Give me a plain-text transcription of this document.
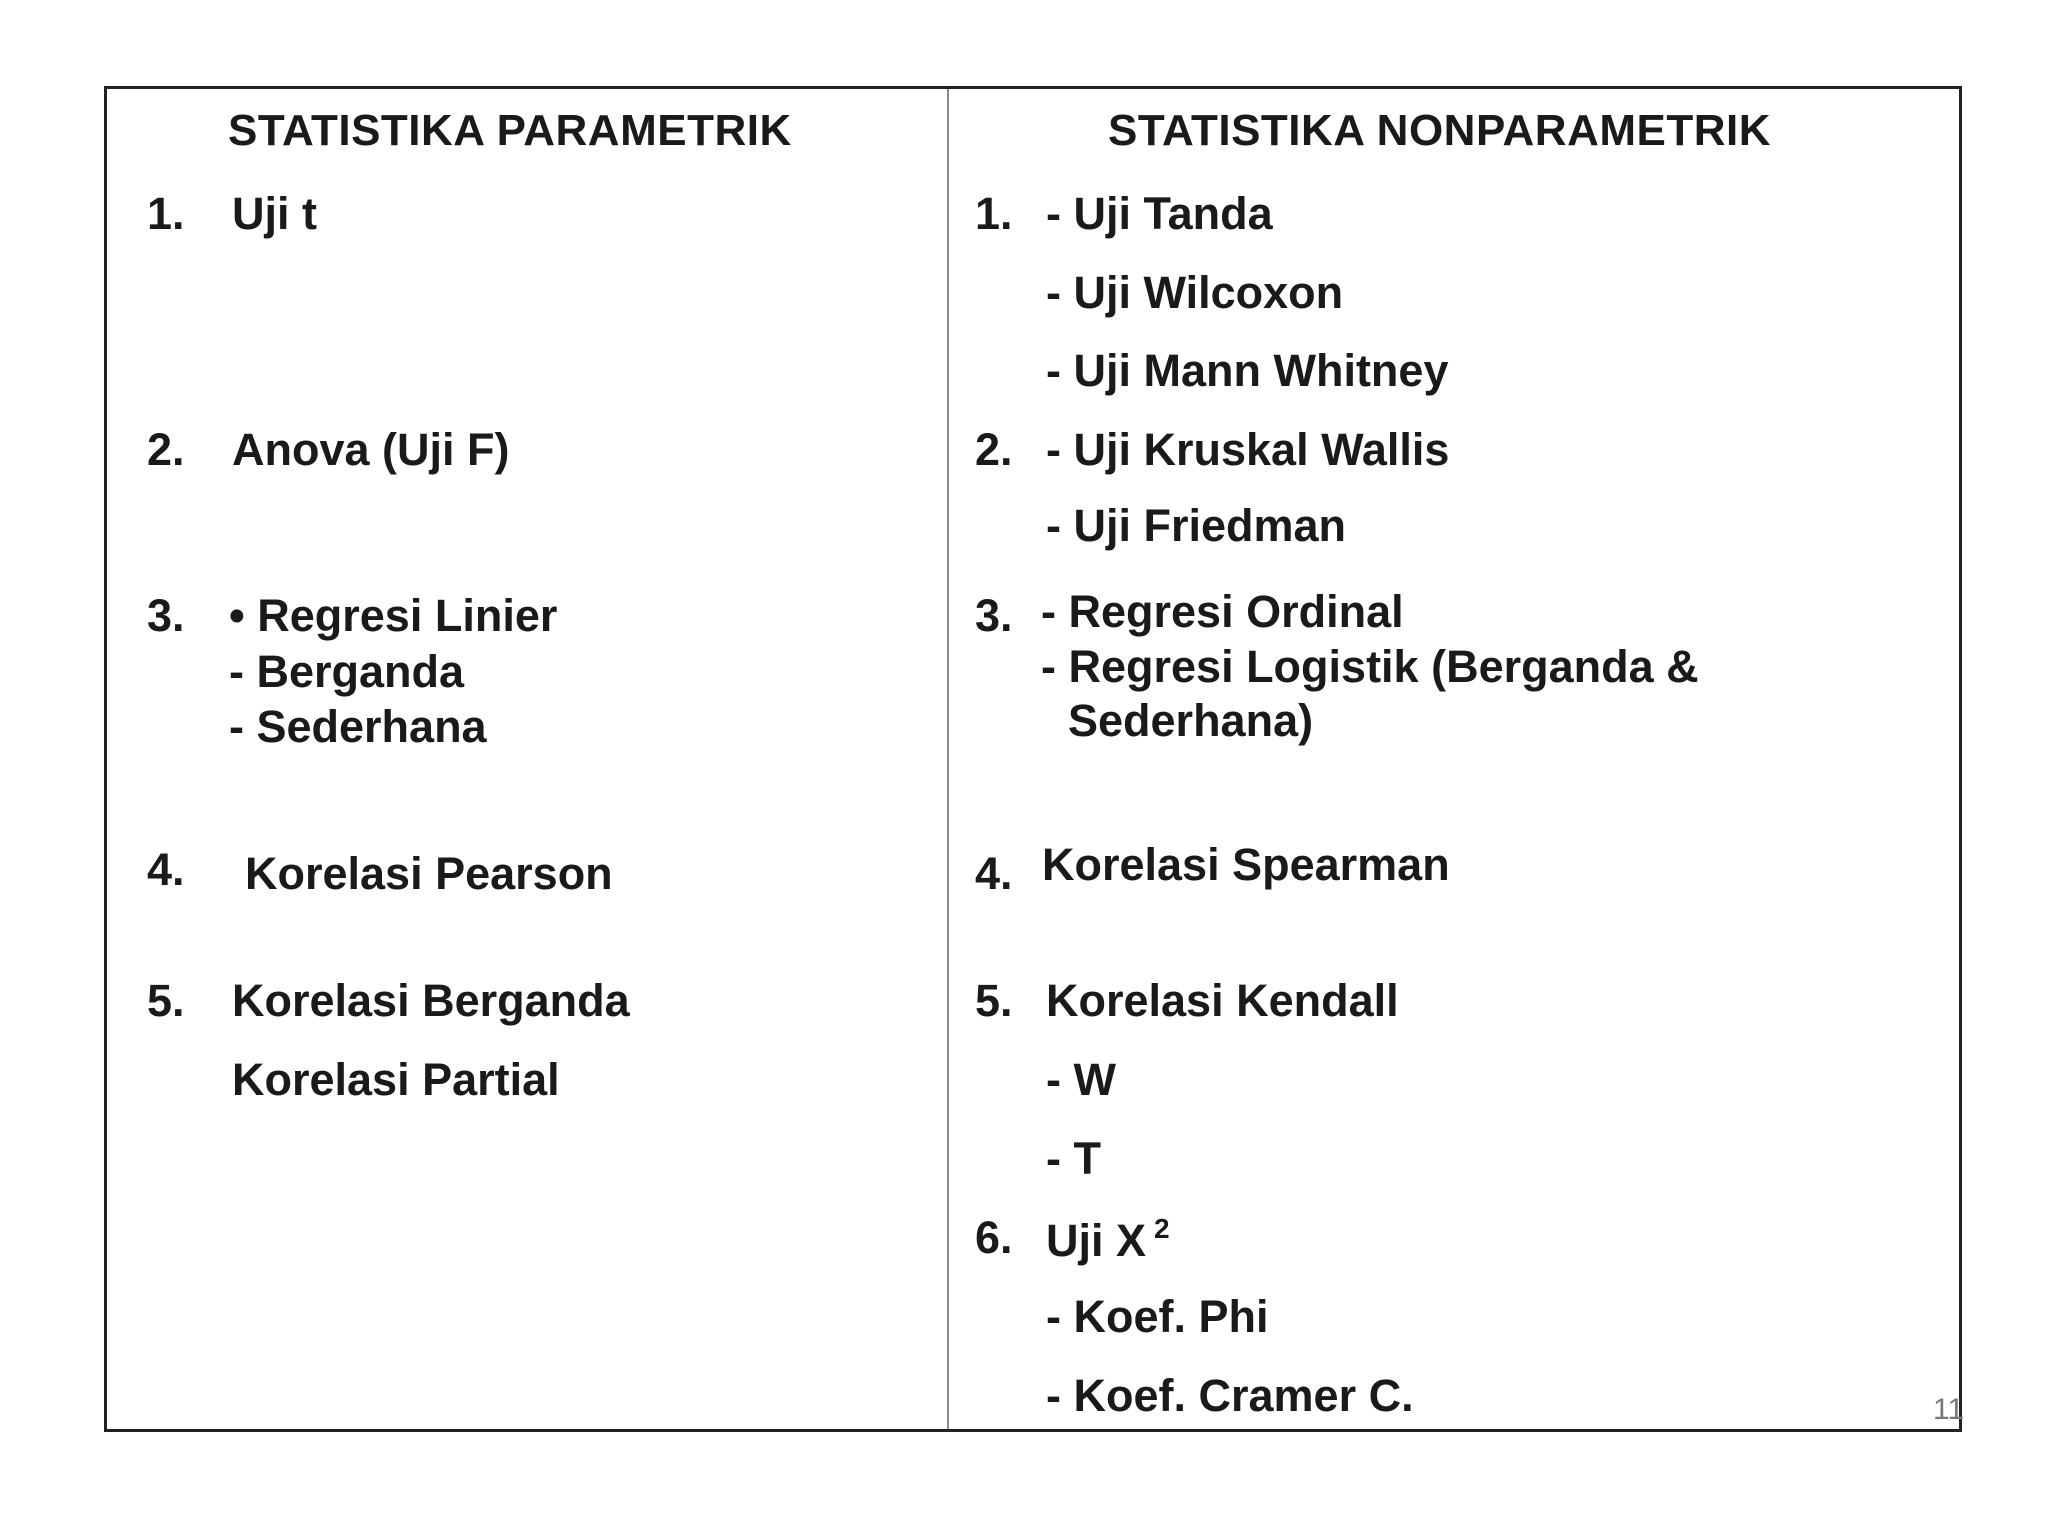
STATISTIKA PARAMETRIK
1. Uji t
2. Anova (Uji F)
3. • Regresi Linier
- Berganda
- Sederhana
4. Korelasi Pearson
5. Korelasi Berganda
Korelasi Partial
STATISTIKA NONPARAMETRIK
1. - Uji Tanda
- Uji Wilcoxon
- Uji Mann Whitney
2. - Uji Kruskal Wallis
- Uji Friedman
3. - Regresi Ordinal
- Regresi Logistik (Berganda &
Sederhana)
4. Korelasi Spearman
5. Korelasi Kendall
- W
- T
6. Uji X $^2$
- Koef. Phi
- Koef. Cramer C.	11
